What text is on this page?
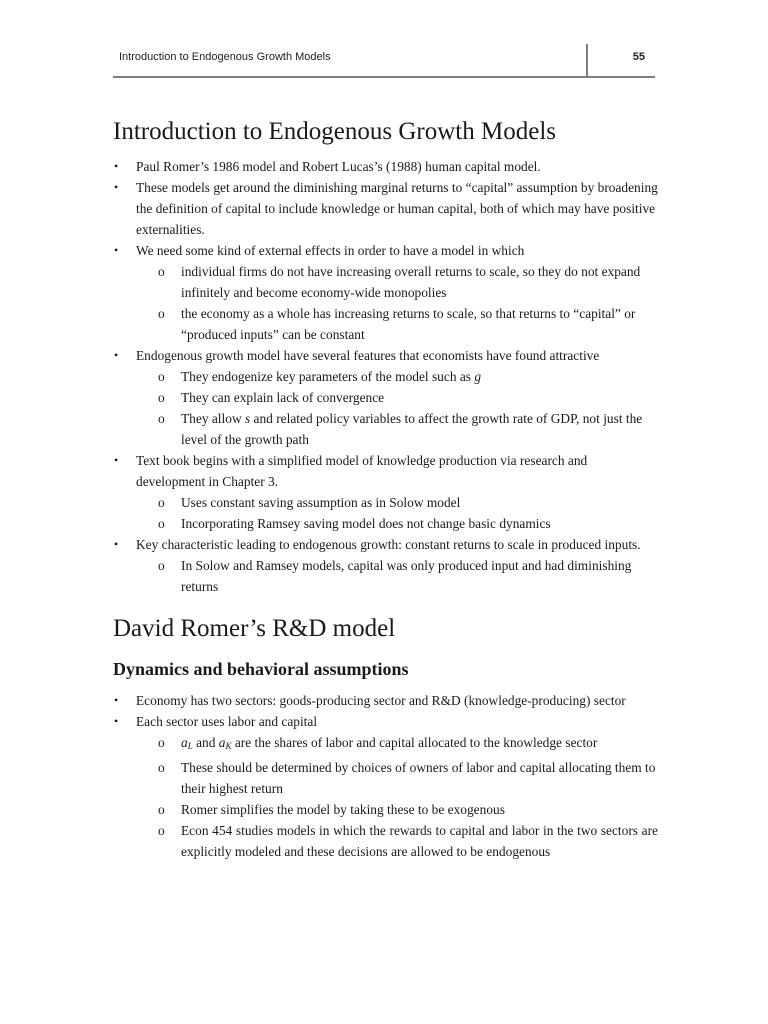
Introduction to Endogenous Growth Models	55
Introduction to Endogenous Growth Models
• Paul Romer’s 1986 model and Robert Lucas’s (1988) human capital model.
• These models get around the diminishing marginal returns to “capital” assumption by broadening the definition of capital to include knowledge or human capital, both of which may have positive externalities.
• We need some kind of external effects in order to have a model in which
o individual firms do not have increasing overall returns to scale, so they do not expand infinitely and become economy-wide monopolies
o the economy as a whole has increasing returns to scale, so that returns to “capital” or “produced inputs” can be constant
• Endogenous growth model have several features that economists have found attractive
o They endogenize key parameters of the model such as g
o They can explain lack of convergence
o They allow s and related policy variables to affect the growth rate of GDP, not just the level of the growth path
• Text book begins with a simplified model of knowledge production via research and development in Chapter 3.
o Uses constant saving assumption as in Solow model
o Incorporating Ramsey saving model does not change basic dynamics
• Key characteristic leading to endogenous growth: constant returns to scale in produced inputs.
o In Solow and Ramsey models, capital was only produced input and had diminishing returns
David Romer’s R&D model
Dynamics and behavioral assumptions
• Economy has two sectors: goods-producing sector and R&D (knowledge-producing) sector
• Each sector uses labor and capital
o $a_L$ and $a_K$ are the shares of labor and capital allocated to the knowledge sector
o These should be determined by choices of owners of labor and capital allocating them to their highest return
o Romer simplifies the model by taking these to be exogenous
o Econ 454 studies models in which the rewards to capital and labor in the two sectors are explicitly modeled and these decisions are allowed to be endogenous
